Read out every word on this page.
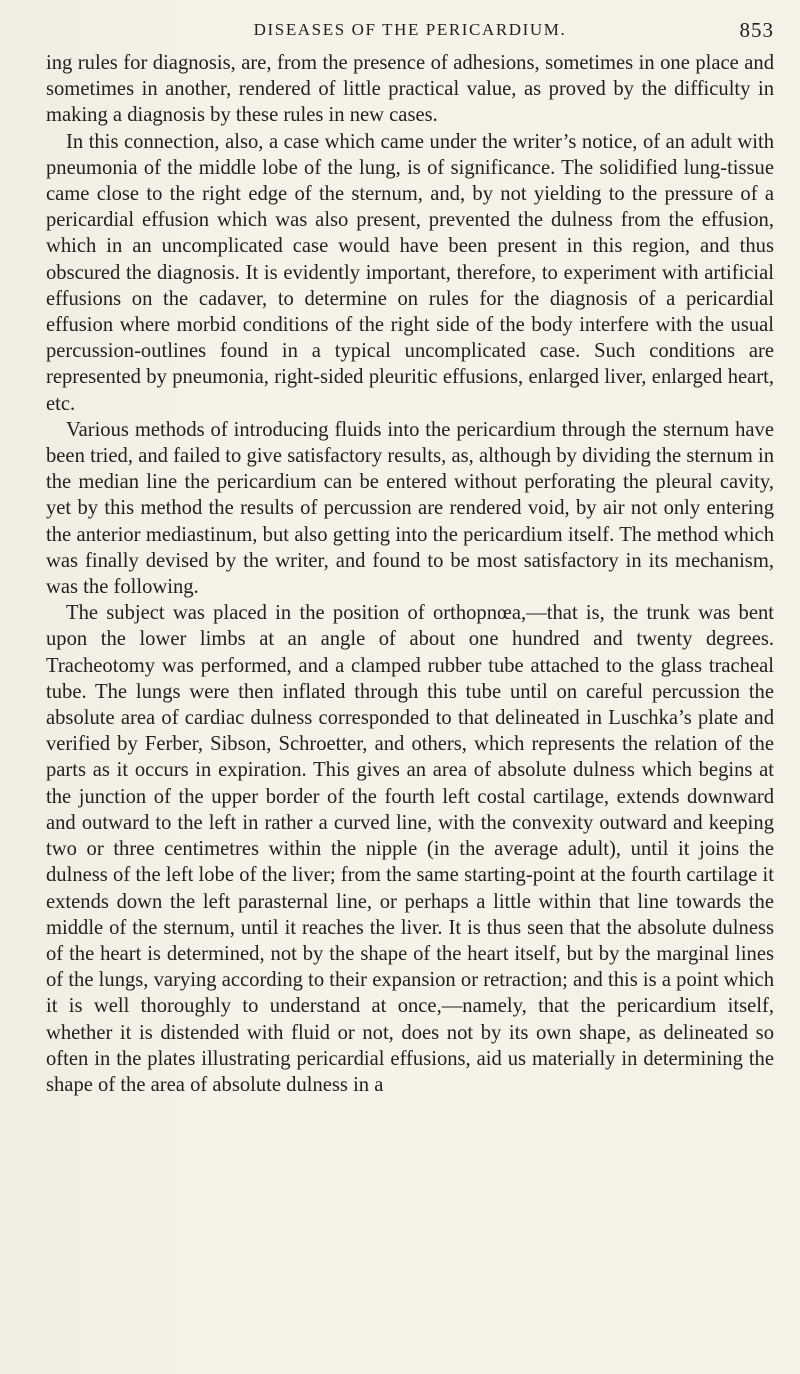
DISEASES OF THE PERICARDIUM.	853

ing rules for diagnosis, are, from the presence of adhesions, sometimes in one place and sometimes in another, rendered of little practical value, as proved by the difficulty in making a diagnosis by these rules in new cases.

In this connection, also, a case which came under the writer’s notice, of an adult with pneumonia of the middle lobe of the lung, is of significance. The solidified lung-tissue came close to the right edge of the sternum, and, by not yielding to the pressure of a pericardial effusion which was also present, prevented the dulness from the effusion, which in an uncomplicated case would have been present in this region, and thus obscured the diagnosis. It is evidently important, therefore, to experiment with artificial effusions on the cadaver, to determine on rules for the diagnosis of a pericardial effusion where morbid conditions of the right side of the body interfere with the usual percussion-outlines found in a typical uncomplicated case. Such conditions are represented by pneumonia, right-sided pleuritic effusions, enlarged liver, enlarged heart, etc.

Various methods of introducing fluids into the pericardium through the sternum have been tried, and failed to give satisfactory results, as, although by dividing the sternum in the median line the pericardium can be entered without perforating the pleural cavity, yet by this method the results of percussion are rendered void, by air not only entering the anterior mediastinum, but also getting into the pericardium itself. The method which was finally devised by the writer, and found to be most satisfactory in its mechanism, was the following.

The subject was placed in the position of orthopnœa,—that is, the trunk was bent upon the lower limbs at an angle of about one hundred and twenty degrees. Tracheotomy was performed, and a clamped rubber tube attached to the glass tracheal tube. The lungs were then inflated through this tube until on careful percussion the absolute area of cardiac dulness corresponded to that delineated in Luschka’s plate and verified by Ferber, Sibson, Schroetter, and others, which represents the relation of the parts as it occurs in expiration. This gives an area of absolute dulness which begins at the junction of the upper border of the fourth left costal cartilage, extends downward and outward to the left in rather a curved line, with the convexity outward and keeping two or three centimetres within the nipple (in the average adult), until it joins the dulness of the left lobe of the liver; from the same starting-point at the fourth cartilage it extends down the left parasternal line, or perhaps a little within that line towards the middle of the sternum, until it reaches the liver. It is thus seen that the absolute dulness of the heart is determined, not by the shape of the heart itself, but by the marginal lines of the lungs, varying according to their expansion or retraction; and this is a point which it is well thoroughly to understand at once,—namely, that the pericardium itself, whether it is distended with fluid or not, does not by its own shape, as delineated so often in the plates illustrating pericardial effusions, aid us materially in determining the shape of the area of absolute dulness in a
